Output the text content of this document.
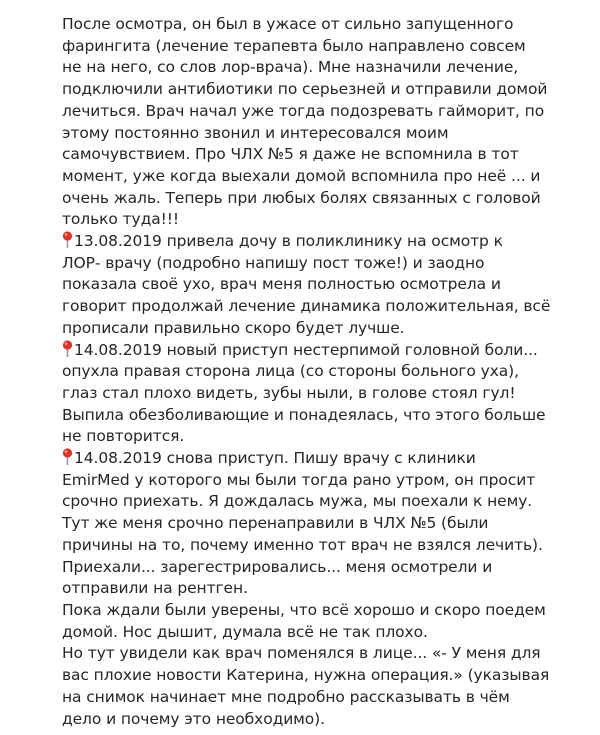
После осмотра, он был в ужасе от сильно запущенного
фарингита (лечение терапевта было направлено совсем
не на него, со слов лор-врача). Мне назначили лечение,
подключили антибиотики по серьезней и отправили домой
лечиться. Врач начал уже тогда подозревать гайморит, по
этому постоянно звонил и интересовался моим
самочувствием. Про ЧЛХ №5 я даже не вспомнила в тот
момент, уже когда выехали домой вспомнила про неё ... и
очень жаль. Теперь при любых болях связанных с головой
только туда!!!
13.08.2019 привела дочу в поликлинику на осмотр к
ЛОР- врачу (подробно напишу пост тоже!) и заодно
показала своё ухо, врач меня полностью осмотрела и
говорит продолжай лечение динамика положительная, всё
прописали правильно скоро будет лучше.
14.08.2019 новый приступ нестерпимой головной боли...
опухла правая сторона лица (со стороны больного уха),
глаз стал плохо видеть, зубы ныли, в голове стоял гул!
Выпила обезболивающие и понадеялась, что этого больше
не повторится.
14.08.2019 снова приступ. Пишу врачу с клиники
EmirMed у которого мы были тогда рано утром, он просит
срочно приехать. Я дождалась мужа, мы поехали к нему.
Тут же меня срочно перенаправили в ЧЛХ №5 (были
причины на то, почему именно тот врач не взялся лечить).
Приехали... зарегестрировались... меня осмотрели и
отправили на рентген.
Пока ждали были уверены, что всё хорошо и скоро поедем
домой. Нос дышит, думала всё не так плохо.
Но тут увидели как врач поменялся в лице... «- У меня для
вас плохие новости Катерина, нужна операция.» (указывая
на снимок начинает мне подробно рассказывать в чём
дело и почему это необходимо).
